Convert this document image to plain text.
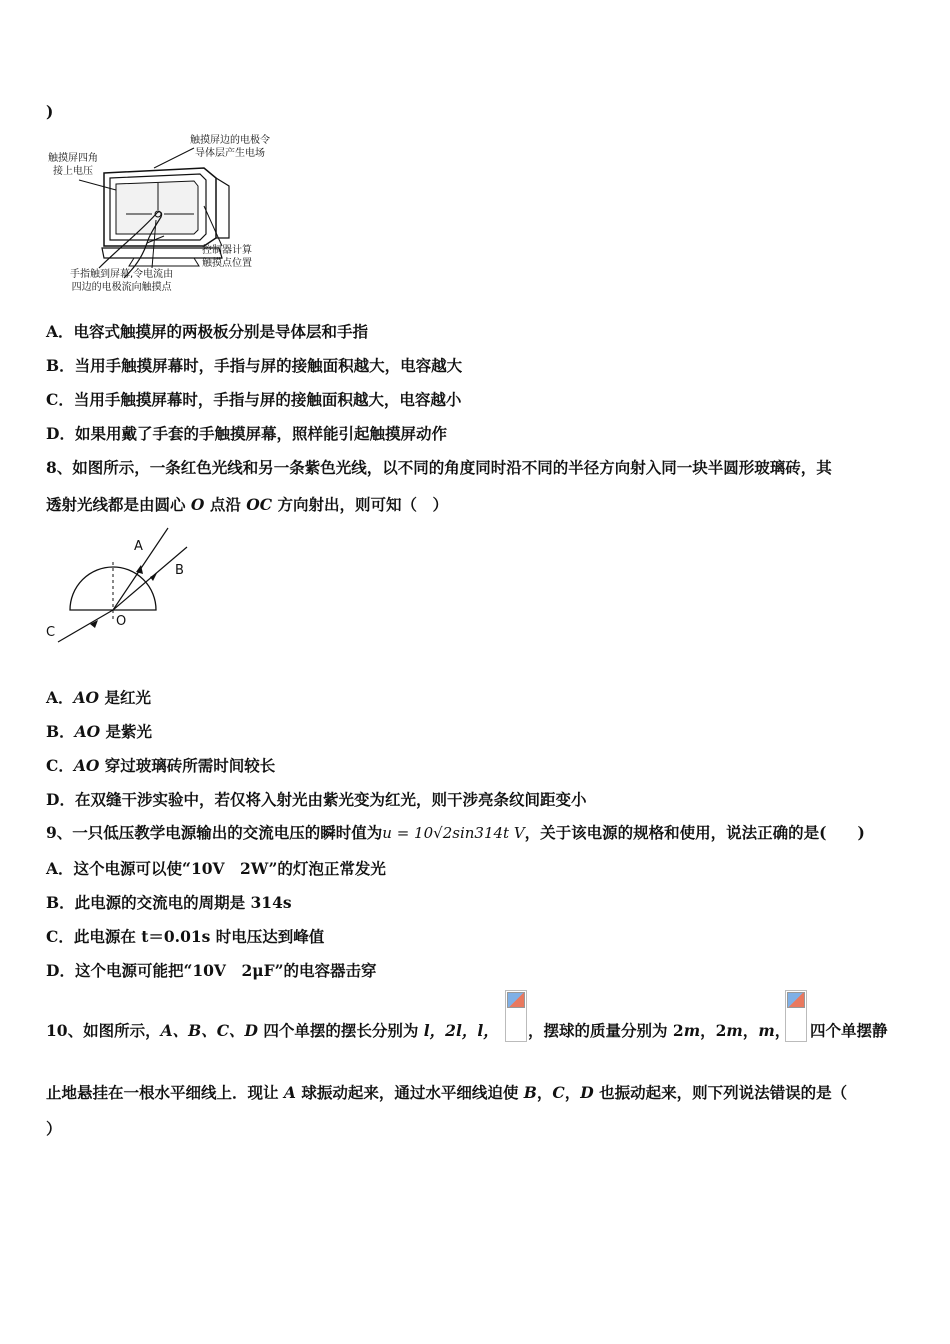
)
触摸屏四角
接上电压
触摸屏边的电极令
导体层产生电场
控制器计算
触摸点位置
手指触到屏幕,令电流由
四边的电极流向触摸点
A．电容式触摸屏的两极板分别是导体层和手指
B．当用手触摸屏幕时，手指与屏的接触面积越大，电容越大
C．当用手触摸屏幕时，手指与屏的接触面积越大，电容越小
D．如果用戴了手套的手触摸屏幕，照样能引起触摸屏动作
8、如图所示，一条红色光线和另一条紫色光线，以不同的角度同时沿不同的半径方向射入同一块半圆形玻璃砖，其
透射光线都是由圆心 O 点沿 OC 方向射出，则可知（　）
A
B
C
O
A．AO 是红光
B．AO 是紫光
C．AO 穿过玻璃砖所需时间较长
D．在双缝干涉实验中，若仅将入射光由紫光变为红光，则干涉亮条纹间距变小
9、一只低压教学电源输出的交流电压的瞬时值为u = 10√2sin314t V，关于该电源的规格和使用，说法正确的是(　　)
A．这个电源可以使“10V　2W”的灯泡正常发光
B．此电源的交流电的周期是 314s
C．此电源在 t＝0.01s 时电压达到峰值
D．这个电源可能把“10V　2μF”的电容器击穿
10、如图所示，A、B、C、D 四个单摆的摆长分别为 l，2l，l， ，摆球的质量分别为 2m，2m，m， 四个单摆静
止地悬挂在一根水平细线上．现让 A 球振动起来，通过水平细线迫使 B，C，D 也振动起来，则下列说法错误的是（
）
